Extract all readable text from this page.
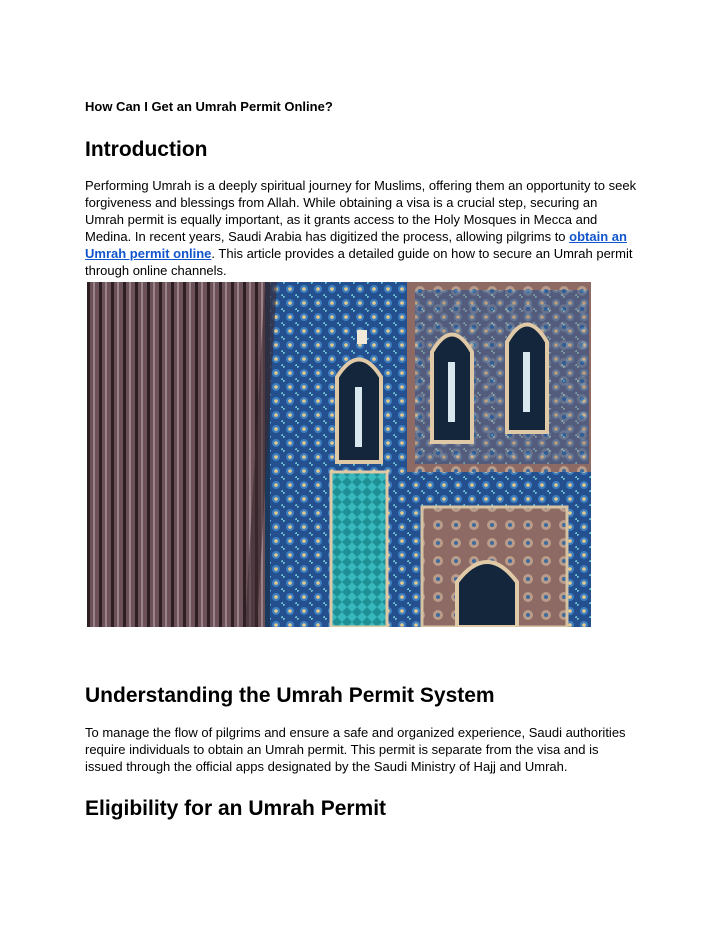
How Can I Get an Umrah Permit Online?

Introduction
Performing Umrah is a deeply spiritual journey for Muslims, offering them an opportunity to seek
forgiveness and blessings from Allah. While obtaining a visa is a crucial step, securing an
Umrah permit is equally important, as it grants access to the Holy Mosques in Mecca and
Medina. In recent years, Saudi Arabia has digitized the process, allowing pilgrims to obtain an
Umrah permit online. This article provides a detailed guide on how to secure an Umrah permit
through online channels.
Understanding the Umrah Permit System
To manage the flow of pilgrims and ensure a safe and organized experience, Saudi authorities
require individuals to obtain an Umrah permit. This permit is separate from the visa and is
issued through the official apps designated by the Saudi Ministry of Hajj and Umrah.
Eligibility for an Umrah Permit
